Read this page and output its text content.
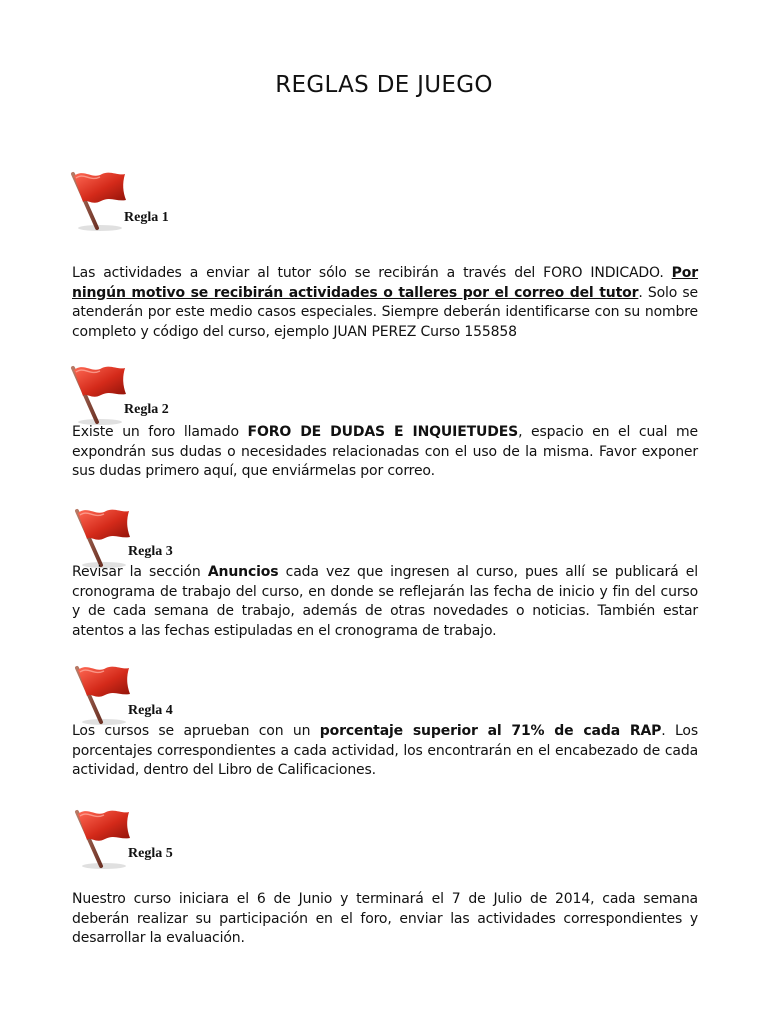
REGLAS DE JUEGO
Regla 1
Las actividades a enviar al tutor sólo se recibirán a través del FORO INDICADO. Por ningún motivo se recibirán actividades o talleres por el correo del tutor. Solo se atenderán por este medio casos especiales. Siempre deberán identificarse con su nombre completo y código del curso, ejemplo JUAN PEREZ Curso 155858
Regla 2
Existe un foro llamado FORO DE DUDAS E INQUIETUDES, espacio en el cual me expondrán sus dudas o necesidades relacionadas con el uso de la misma. Favor exponer sus dudas primero aquí, que enviármelas por correo.
Regla 3
Revisar la sección Anuncios cada vez que ingresen al curso, pues allí se publicará el cronograma de trabajo del curso, en donde se reflejarán las fecha de inicio y fin del curso y de cada semana de trabajo, además de otras novedades o noticias. También estar atentos a las fechas estipuladas en el cronograma de trabajo.
Regla 4
Los cursos se aprueban con un porcentaje superior al 71% de cada RAP. Los porcentajes correspondientes a cada actividad, los encontrarán en el encabezado de cada actividad, dentro del Libro de Calificaciones.
Regla 5
Nuestro curso iniciara el 6 de Junio y terminará el 7 de Julio de 2014, cada semana deberán realizar su participación en el foro, enviar las actividades correspondientes y desarrollar la evaluación.
